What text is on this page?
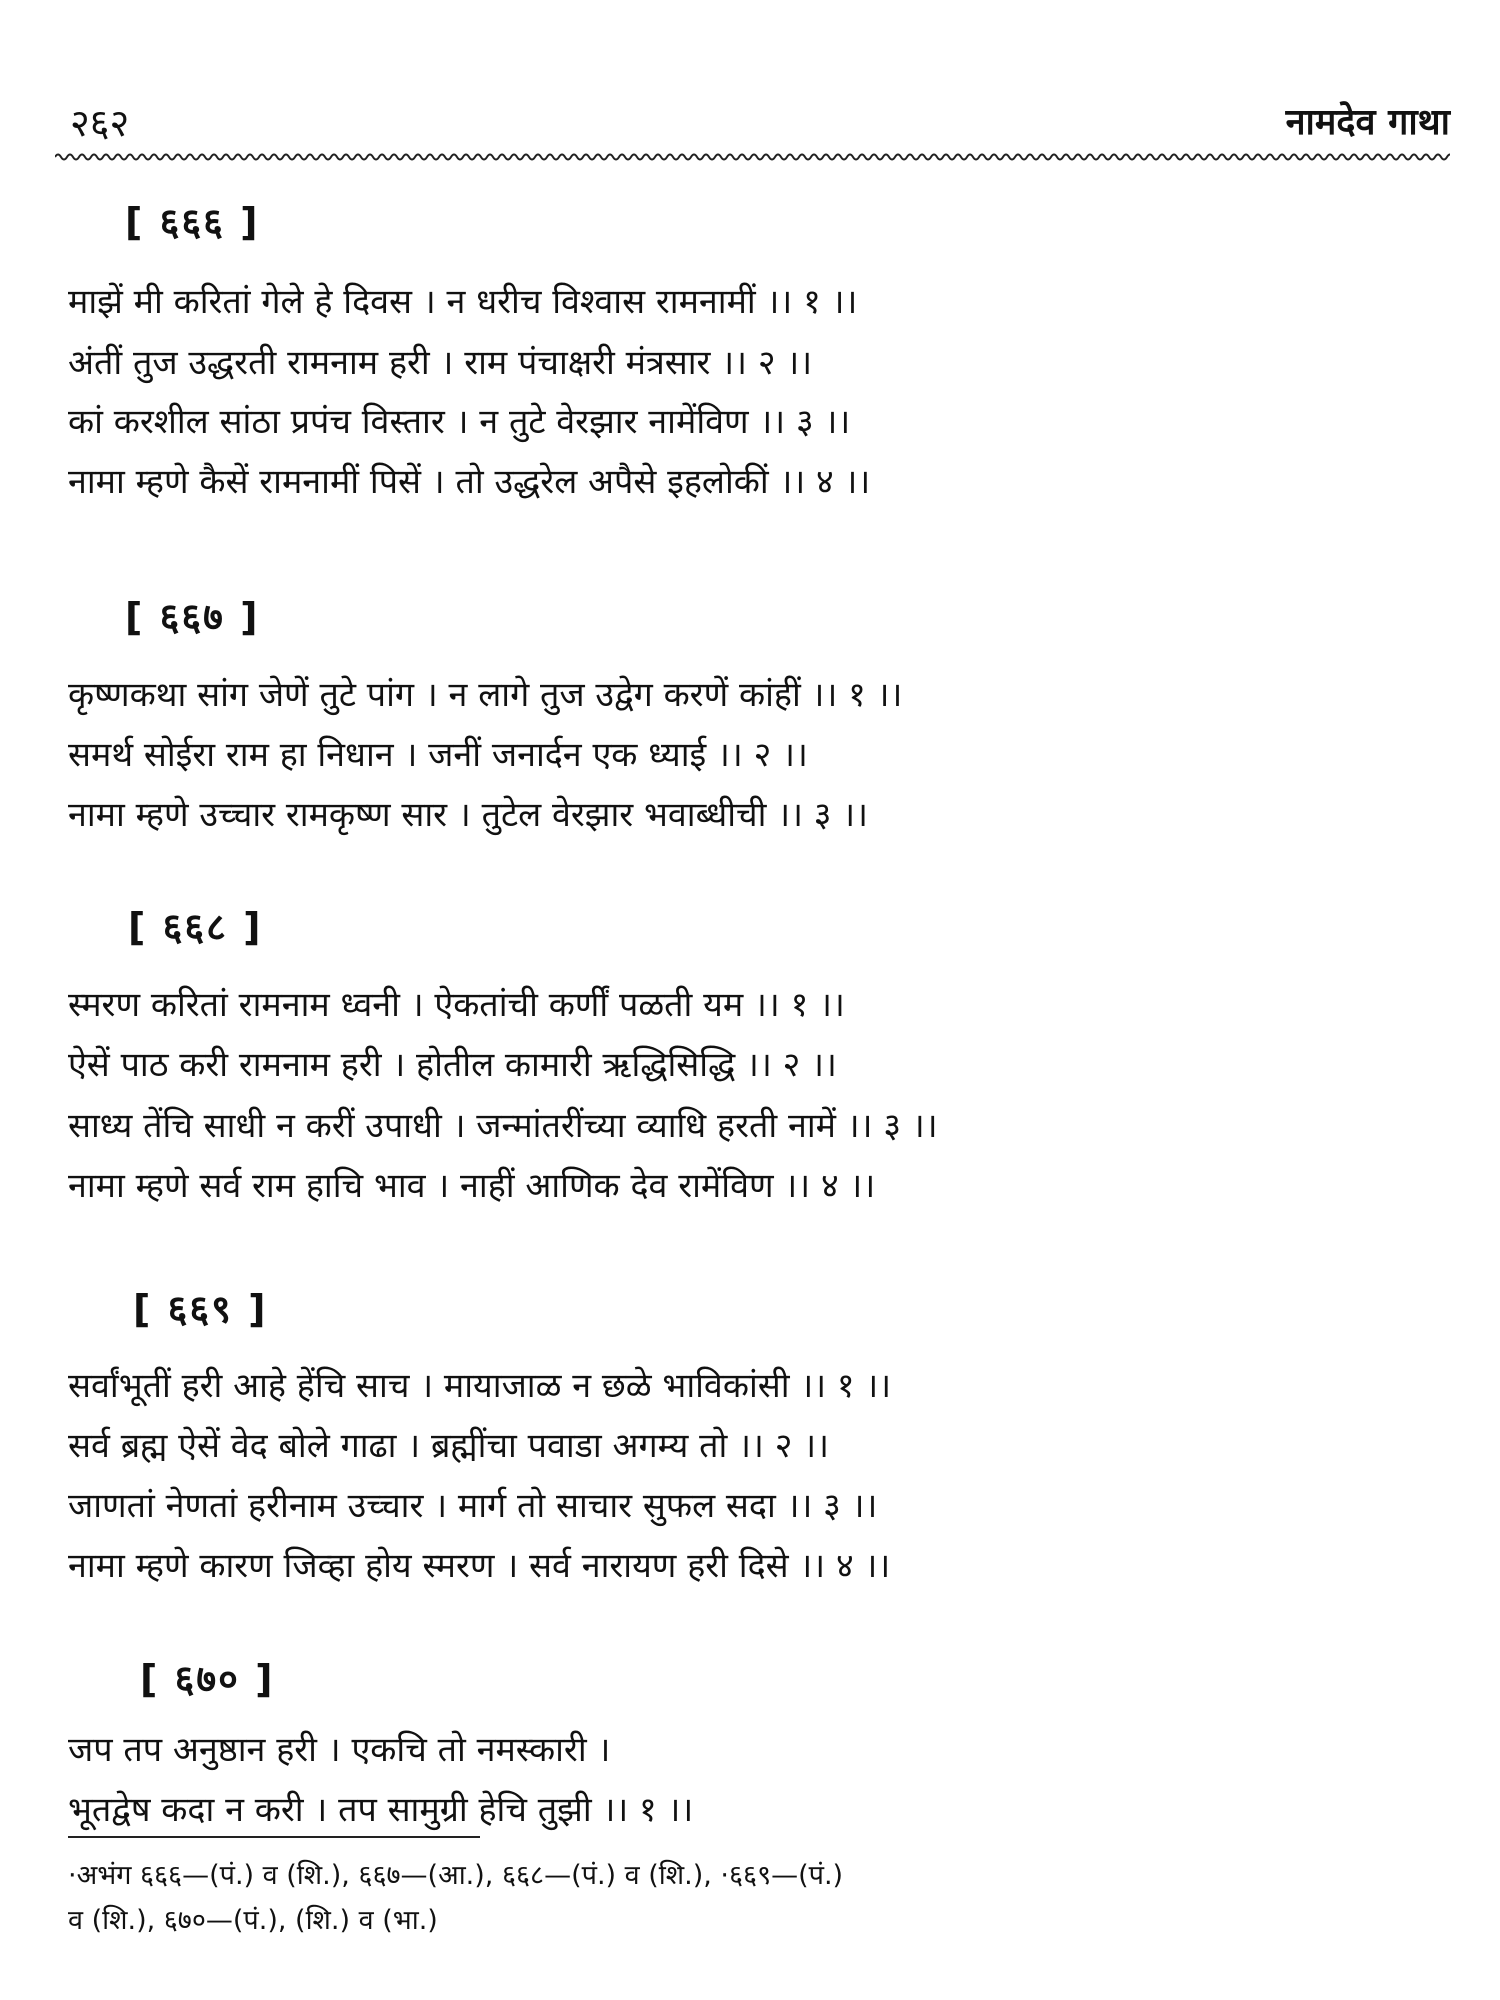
२६२	नामदेव गाथा
[ ६६६ ]
माझें मी करितां गेले हे दिवस । न धरीच विश्वास रामनामीं ।। १ ।।
अंतीं तुज उद्धरती रामनाम हरी । राम पंचाक्षरी मंत्रसार ।। २ ।।
कां करशील सांठा प्रपंच विस्तार । न तुटे वेरझार नामेंविण ।। ३ ।।
नामा म्हणे कैसें रामनामीं पिसें । तो उद्धरेल अपैसे इहलोकीं ।। ४ ।।
[ ६६७ ]
कृष्णकथा सांग जेणें तुटे पांग । न लागे तुज उद्वेग करणें कांहीं ।। १ ।।
समर्थ सोईरा राम हा निधान । जनीं जनार्दन एक ध्याई ।। २ ।।
नामा म्हणे उच्चार रामकृष्ण सार । तुटेल वेरझार भवाब्धीची ।। ३ ।।
[ ६६८ ]
स्मरण करितां रामनाम ध्वनी । ऐकतांची कर्णीं पळती यम ।। १ ।।
ऐसें पाठ करी रामनाम हरी । होतील कामारी ऋद्धिसिद्धि ।। २ ।।
साध्य तेंचि साधी न करीं उपाधी । जन्मांतरींच्या व्याधि हरती नामें ।। ३ ।।
नामा म्हणे सर्व राम हाचि भाव । नाहीं आणिक देव रामेंविण ।। ४ ।।
[ ६६९ ]
सर्वांभूतीं हरी आहे हेंचि साच । मायाजाळ न छळे भाविकांसी ।। १ ।।
सर्व ब्रह्म ऐसें वेद बोले गाढा । ब्रह्मींचा पवाडा अगम्य तो ।। २ ।।
जाणतां नेणतां हरीनाम उच्चार । मार्ग तो साचार सुफल सदा ।। ३ ।।
नामा म्हणे कारण जिव्हा होय स्मरण । सर्व नारायण हरी दिसे ।। ४ ।।
[ ६७० ]
जप तप अनुष्ठान हरी । एकचि तो नमस्कारी ।
भूतद्वेष कदा न करी । तप सामुग्री हेचि तुझी ।। १ ।।
·अभंग ६६६—(पं.) व (शि.), ६६७—(आ.), ६६८—(पं.) व (शि.), ·६६९—(पं.)
व (शि.), ६७०—(पं.), (शि.) व (भा.)
